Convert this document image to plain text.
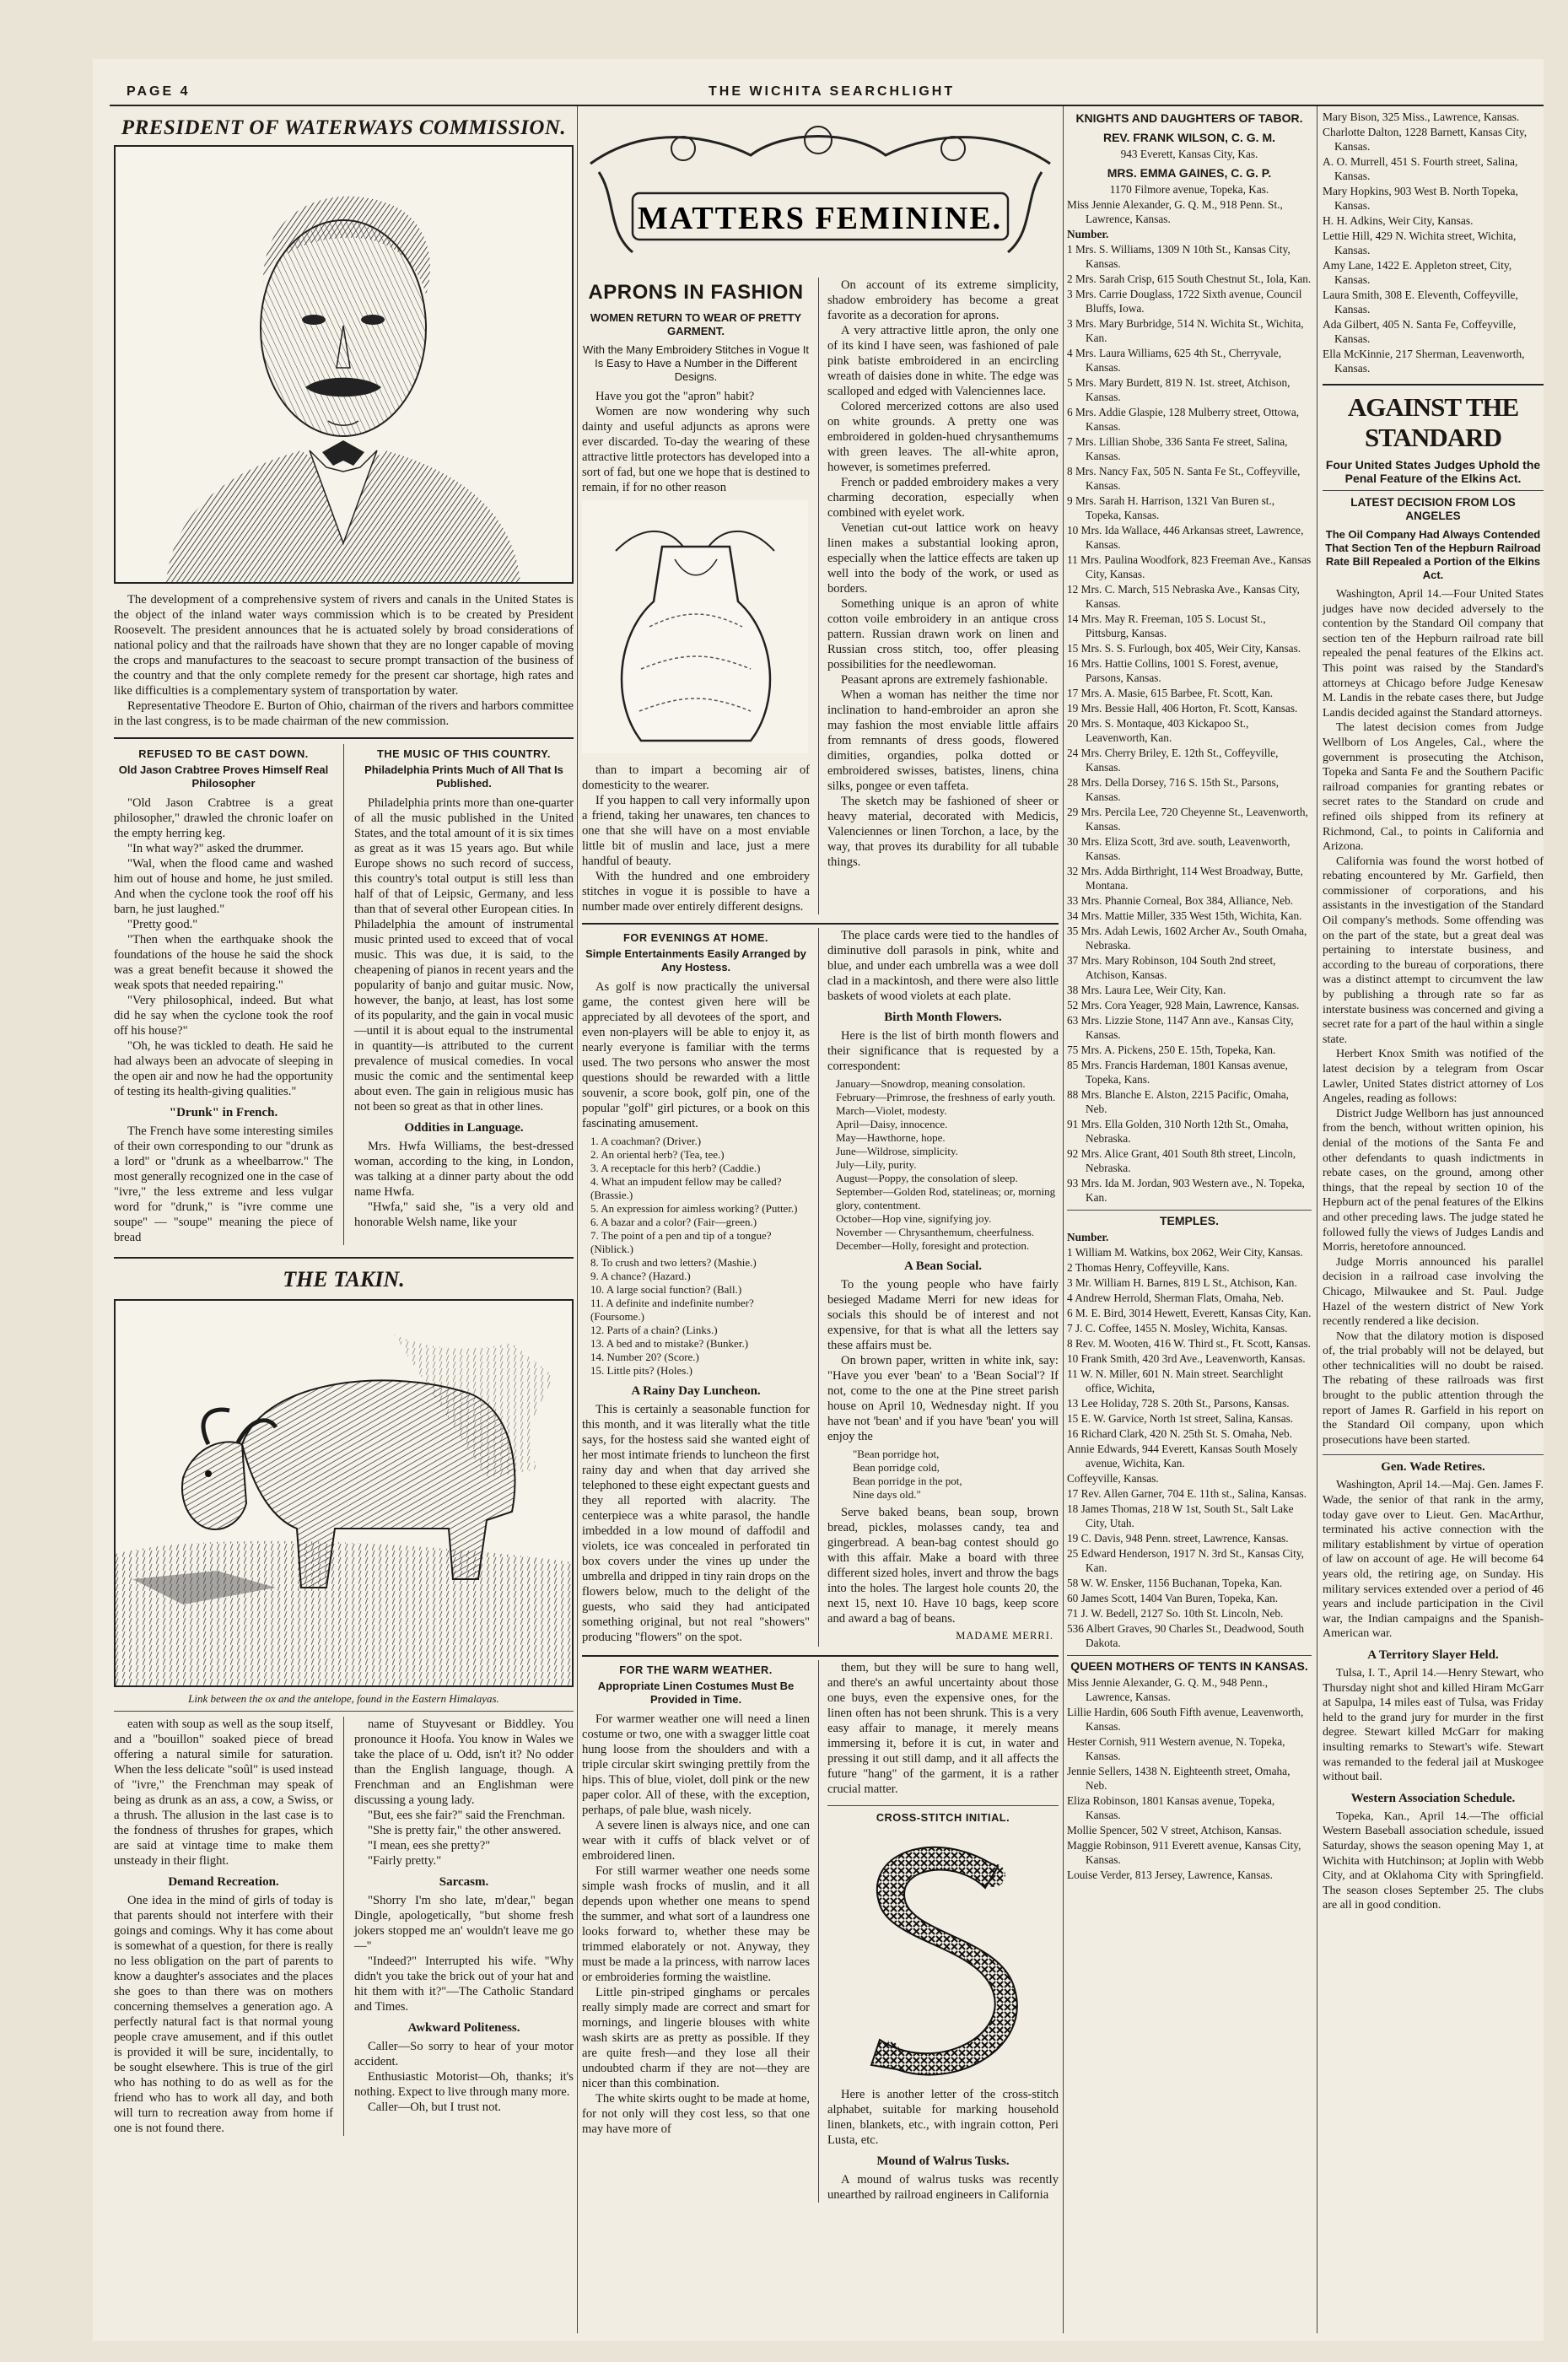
PAGE 4	THE WICHITA SEARCHLIGHT
PRESIDENT OF WATERWAYS COMMISSION.

The development of a comprehensive system of rivers and canals in the United States is the object of the inland water ways commission which is to be created by President Roosevelt. The president announces that he is actuated solely by broad considerations of national policy and that the railroads have shown that they are no longer capable of moving the crops and manufactures to the seacoast to secure prompt transaction of the business of the country and that the only complete remedy for the present car shortage, high rates and like difficulties is a complementary system of transportation by water.

Representative Theodore E. Burton of Ohio, chairman of the rivers and harbors committee in the last congress, is to be made chairman of the new commission.

REFUSED TO BE CAST DOWN.
Old Jason Crabtree Proves Himself Real Philosopher

"Old Jason Crabtree is a great philosopher," drawled the chronic loafer on the empty herring keg.

"In what way?" asked the drummer.

"Wal, when the flood came and washed him out of house and home, he just smiled. And when the cyclone took the roof off his barn, he just laughed."

"Pretty good."

"Then when the earthquake shook the foundations of the house he said the shock was a great benefit because it showed the weak spots that needed repairing."

"Very philosophical, indeed. But what did he say when the cyclone took the roof off his house?"

"Oh, he was tickled to death. He said he had always been an advocate of sleeping in the open air and now he had the opportunity of testing its health-giving qualities."

"Drunk" in French.

The French have some interesting similes of their own corresponding to our "drunk as a lord" or "drunk as a wheelbarrow." The most generally recognized one in the case of "ivre," the less extreme and less vulgar word for "drunk," is "ivre comme une soupe" — "soupe" meaning the piece of bread

THE MUSIC OF THIS COUNTRY.
Philadelphia Prints Much of All That Is Published.

Philadelphia prints more than one-quarter of all the music published in the United States, and the total amount of it is six times as great as it was 15 years ago. But while Europe shows no such record of success, this country's total output is still less than half of that of Leipsic, Germany, and less than that of several other European cities. In Philadelphia the amount of instrumental music printed used to exceed that of vocal music. This was due, it is said, to the cheapening of pianos in recent years and the popularity of banjo and guitar music. Now, however, the banjo, at least, has lost some of its popularity, and the gain in vocal music—until it is about equal to the instrumental in quantity—is attributed to the current prevalence of musical comedies. In vocal music the comic and the sentimental keep about even. The gain in religious music has not been so great as that in other lines.

Oddities in Language.

Mrs. Hwfa Williams, the best-dressed woman, according to the king, in London, was talking at a dinner party about the odd name Hwfa.

"Hwfa," said she, "is a very old and honorable Welsh name, like your

THE TAKIN.
Link between the ox and the antelope, found in the Eastern Himalayas.

eaten with soup as well as the soup itself, and a "bouillon" soaked piece of bread offering a natural simile for saturation. When the less delicate "soûl" is used instead of "ivre," the Frenchman may speak of being as drunk as an ass, a cow, a Swiss, or a thrush. The allusion in the last case is to the fondness of thrushes for grapes, which are said at vintage time to make them unsteady in their flight.

Demand Recreation.

One idea in the mind of girls of today is that parents should not interfere with their goings and comings. Why it has come about is somewhat of a question, for there is really no less obligation on the part of parents to know a daughter's associates and the places she goes to than there was on mothers concerning themselves a generation ago. A perfectly natural fact is that normal young people crave amusement, and if this outlet is provided it will be sure, incidentally, to be sought elsewhere. This is true of the girl who has nothing to do as well as for the friend who has to work all day, and both will turn to recreation away from home if one is not found there.

name of Stuyvesant or Biddley. You pronounce it Hoofa. You know in Wales we take the place of u. Odd, isn't it? No odder than the English language, though. A Frenchman and an Englishman were discussing a young lady.

"But, ees she fair?" said the Frenchman.

"She is pretty fair," the other answered.

"I mean, ees she pretty?"

"Fairly pretty."

Sarcasm.

"Shorry I'm sho late, m'dear," began Dingle, apologetically, "but shome fresh jokers stopped me an' wouldn't leave me go—"

"Indeed?" Interrupted his wife. "Why didn't you take the brick out of your hat and hit them with it?"—The Catholic Standard and Times.

Awkward Politeness.

Caller—So sorry to hear of your motor accident.

Enthusiastic Motorist—Oh, thanks; it's nothing. Expect to live through many more.

Caller—Oh, but I trust not.

MATTERS FEMININE.
APRONS IN FASHION
WOMEN RETURN TO WEAR OF PRETTY GARMENT.
With the Many Embroidery Stitches in Vogue It Is Easy to Have a Number in the Different Designs.

Have you got the "apron" habit?

Women are now wondering why such dainty and useful adjuncts as aprons were ever discarded. To-day the wearing of these attractive little protectors has developed into a sort of fad, but one we hope that is destined to remain, if for no other reason

than to impart a becoming air of domesticity to the wearer.

If you happen to call very informally upon a friend, taking her unawares, ten chances to one that she will have on a most enviable little bit of muslin and lace, just a mere handful of beauty.

With the hundred and one embroidery stitches in vogue it is possible to have a number made over entirely different designs.

On account of its extreme simplicity, shadow embroidery has become a great favorite as a decoration for aprons.

A very attractive little apron, the only one of its kind I have seen, was fashioned of pale pink batiste embroidered in an encircling wreath of daisies done in white. The edge was scalloped and edged with Valenciennes lace.

Colored mercerized cottons are also used on white grounds. A pretty one was embroidered in golden-hued chrysanthemums with green leaves. The all-white apron, however, is sometimes preferred.

French or padded embroidery makes a very charming decoration, especially when combined with eyelet work.

Venetian cut-out lattice work on heavy linen makes a substantial looking apron, especially when the lattice effects are taken up well into the body of the work, or used as borders.

Something unique is an apron of white cotton voile embroidery in an antique cross pattern. Russian drawn work on linen and Russian cross stitch, too, offer pleasing possibilities for the needlewoman.

Peasant aprons are extremely fashionable.

When a woman has neither the time nor inclination to hand-embroider an apron she may fashion the most enviable little affairs from remnants of dress goods, flowered dimities, organdies, polka dotted or embroidered swisses, batistes, linens, china silks, pongee or even taffeta.

The sketch may be fashioned of sheer or heavy material, decorated with Medicis, Valenciennes or linen Torchon, a lace, by the way, that proves its durability for all tubable things.

FOR EVENINGS AT HOME.
Simple Entertainments Easily Arranged by Any Hostess.

As golf is now practically the universal game, the contest given here will be appreciated by all devotees of the sport, and even non-players will be able to enjoy it, as nearly everyone is familiar with the terms used. The two persons who answer the most questions should be rewarded with a little souvenir, a score book, golf pin, one of the popular "golf" girl pictures, or a book on this fascinating amusement.

1. A coachman? (Driver.)
2. An oriental herb? (Tea, tee.)
3. A receptacle for this herb? (Caddie.)
4. What an impudent fellow may be called? (Brassie.)
5. An expression for aimless working? (Putter.)
6. A bazar and a color? (Fair—green.)
7. The point of a pen and tip of a tongue? (Niblick.)
8. To crush and two letters? (Mashie.)
9. A chance? (Hazard.)
10. A large social function? (Ball.)
11. A definite and indefinite number? (Foursome.)
12. Parts of a chain? (Links.)
13. A bed and to mistake? (Bunker.)
14. Number 20? (Score.)
15. Little pits? (Holes.)
A Rainy Day Luncheon.

This is certainly a seasonable function for this month, and it was literally what the title says, for the hostess said she wanted eight of her most intimate friends to luncheon the first rainy day and when that day arrived she telephoned to these eight expectant guests and they all reported with alacrity. The centerpiece was a white parasol, the handle imbedded in a low mound of daffodil and violets, ice was concealed in perforated tin box covers under the vines up under the umbrella and dripped in tiny rain drops on the flowers below, much to the delight of the guests, who said they had anticipated something original, but not real "showers" producing "flowers" on the spot.

The place cards were tied to the handles of diminutive doll parasols in pink, white and blue, and under each umbrella was a wee doll clad in a mackintosh, and there were also little baskets of wood violets at each plate.

Birth Month Flowers.

Here is the list of birth month flowers and their significance that is requested by a correspondent:

January—Snowdrop, meaning consolation.
February—Primrose, the freshness of early youth.
March—Violet, modesty.
April—Daisy, innocence.
May—Hawthorne, hope.
June—Wildrose, simplicity.
July—Lily, purity.
August—Poppy, the consolation of sleep.
September—Golden Rod, statelineas; or, morning glory, contentment.
October—Hop vine, signifying joy.
November — Chrysanthemum, cheerfulness.
December—Holly, foresight and protection.
A Bean Social.

To the young people who have fairly besieged Madame Merri for new ideas for socials this should be of interest and not expensive, for that is what all the letters say these affairs must be.

On brown paper, written in white ink, say: "Have you ever 'bean' to a 'Bean Social'? If not, come to the one at the Pine street parish house on April 10, Wednesday night. If you have not 'bean' and if you have 'bean' you will enjoy the

"Bean porridge hot,
Bean porridge cold,
Bean porridge in the pot,
Nine days old."

Serve baked beans, bean soup, brown bread, pickles, molasses candy, tea and gingerbread. A bean-bag contest should go with this affair. Make a board with three different sized holes, invert and throw the bags into the holes. The largest hole counts 20, the next 15, next 10. Have 10 bags, keep score and award a bag of beans.

MADAME MERRI.

FOR THE WARM WEATHER.
Appropriate Linen Costumes Must Be Provided in Time.

For warmer weather one will need a linen costume or two, one with a swagger little coat hung loose from the shoulders and with a triple circular skirt swinging prettily from the hips. This of blue, violet, doll pink or the new paper color. All of these, with the exception, perhaps, of pale blue, wash nicely.

A severe linen is always nice, and one can wear with it cuffs of black velvet or of embroidered linen.

For still warmer weather one needs some simple wash frocks of muslin, and it all depends upon whether one means to spend the summer, and what sort of a laundress one looks forward to, whether these may be trimmed elaborately or not. Anyway, they must be made a la princess, with narrow laces or embroideries forming the waistline.

Little pin-striped ginghams or percales really simply made are correct and smart for mornings, and lingerie blouses with white wash skirts are as pretty as possible. If they are quite fresh—and they lose all their undoubted charm if they are not—they are nicer than this combination.

The white skirts ought to be made at home, for not only will they cost less, so that one may have more of

them, but they will be sure to hang well, and there's an awful uncertainty about those one buys, even the expensive ones, for the linen often has not been shrunk. This is a very easy affair to manage, it merely means immersing it, before it is cut, in water and pressing it out still damp, and it all affects the future "hang" of the garment, it is a rather crucial matter.

CROSS-STITCH INITIAL.

Here is another letter of the cross-stitch alphabet, suitable for marking household linen, blankets, etc., with ingrain cotton, Peri Lusta, etc.

Mound of Walrus Tusks.

A mound of walrus tusks was recently unearthed by railroad engineers in California

KNIGHTS AND DAUGHTERS OF TABOR.
REV. FRANK WILSON, C. G. M.
943 Everett, Kansas City, Kas.
MRS. EMMA GAINES, C. G. P.
1170 Filmore avenue, Topeka, Kas.
Miss Jennie Alexander, G. Q. M., 918 Penn. St., Lawrence, Kansas.
Number.
1 Mrs. S. Williams, 1309 N 10th St., Kansas City, Kansas.
2 Mrs. Sarah Crisp, 615 South Chestnut St., Iola, Kan.
3 Mrs. Carrie Douglass, 1722 Sixth avenue, Council Bluffs, Iowa.
3 Mrs. Mary Burbridge, 514 N. Wichita St., Wichita, Kan.
4 Mrs. Laura Williams, 625 4th St., Cherryvale, Kansas.
5 Mrs. Mary Burdett, 819 N. 1st. street, Atchison, Kansas.
6 Mrs. Addie Glaspie, 128 Mulberry street, Ottowa, Kansas.
7 Mrs. Lillian Shobe, 336 Santa Fe street, Salina, Kansas.
8 Mrs. Nancy Fax, 505 N. Santa Fe St., Coffeyville, Kansas.
9 Mrs. Sarah H. Harrison, 1321 Van Buren st., Topeka, Kansas.
10 Mrs. Ida Wallace, 446 Arkansas street, Lawrence, Kansas.
11 Mrs. Paulina Woodfork, 823 Freeman Ave., Kansas City, Kansas.
12 Mrs. C. March, 515 Nebraska Ave., Kansas City, Kansas.
14 Mrs. May R. Freeman, 105 S. Locust St., Pittsburg, Kansas.
15 Mrs. S. S. Furlough, box 405, Weir City, Kansas.
16 Mrs. Hattie Collins, 1001 S. Forest, avenue, Parsons, Kansas.
17 Mrs. A. Masie, 615 Barbee, Ft. Scott, Kan.
19 Mrs. Bessie Hall, 406 Horton, Ft. Scott, Kansas.
20 Mrs. S. Montaque, 403 Kickapoo St., Leavenworth, Kan.
24 Mrs. Cherry Briley, E. 12th St., Coffeyville, Kansas.
28 Mrs. Della Dorsey, 716 S. 15th St., Parsons, Kansas.
29 Mrs. Percila Lee, 720 Cheyenne St., Leavenworth, Kansas.
30 Mrs. Eliza Scott, 3rd ave. south, Leavenworth, Kansas.
32 Mrs. Adda Birthright, 114 West Broadway, Butte, Montana.
33 Mrs. Phannie Corneal, Box 384, Alliance, Neb.
34 Mrs. Mattie Miller, 335 West 15th, Wichita, Kan.
35 Mrs. Adah Lewis, 1602 Archer Av., South Omaha, Nebraska.
37 Mrs. Mary Robinson, 104 South 2nd street, Atchison, Kansas.
38 Mrs. Laura Lee, Weir City, Kan.
52 Mrs. Cora Yeager, 928 Main, Lawrence, Kansas.
63 Mrs. Lizzie Stone, 1147 Ann ave., Kansas City, Kansas.
75 Mrs. A. Pickens, 250 E. 15th, Topeka, Kan.
85 Mrs. Francis Hardeman, 1801 Kansas avenue, Topeka, Kans.
88 Mrs. Blanche E. Alston, 2215 Pacific, Omaha, Neb.
91 Mrs. Ella Golden, 310 North 12th St., Omaha, Nebraska.
92 Mrs. Alice Grant, 401 South 8th street, Lincoln, Nebraska.
93 Mrs. Ida M. Jordan, 903 Western ave., N. Topeka, Kan.
TEMPLES.
Number.
1 William M. Watkins, box 2062, Weir City, Kansas.
2 Thomas Henry, Coffeyville, Kans.
3 Mr. William H. Barnes, 819 L St., Atchison, Kan.
4 Andrew Herrold, Sherman Flats, Omaha, Neb.
6 M. E. Bird, 3014 Hewett, Everett, Kansas City, Kan.
7 J. C. Coffee, 1455 N. Mosley, Wichita, Kansas.
8 Rev. M. Wooten, 416 W. Third st., Ft. Scott, Kansas.
10 Frank Smith, 420 3rd Ave., Leavenworth, Kansas.
11 W. N. Miller, 601 N. Main street. Searchlight office, Wichita,
13 Lee Holiday, 728 S. 20th St., Parsons, Kansas.
15 E. W. Garvice, North 1st street, Salina, Kansas.
16 Richard Clark, 420 N. 25th St. S. Omaha, Neb.
Annie Edwards, 944 Everett, Kansas South Mosely avenue, Wichita, Kan.
Coffeyville, Kansas.
17 Rev. Allen Garner, 704 E. 11th st., Salina, Kansas.
18 James Thomas, 218 W 1st, South St., Salt Lake City, Utah.
19 C. Davis, 948 Penn. street, Lawrence, Kansas.
25 Edward Henderson, 1917 N. 3rd St., Kansas City, Kan.
58 W. W. Ensker, 1156 Buchanan, Topeka, Kan.
60 James Scott, 1404 Van Buren, Topeka, Kan.
71 J. W. Bedell, 2127 So. 10th St. Lincoln, Neb.
536 Albert Graves, 90 Charles St., Deadwood, South Dakota.
QUEEN MOTHERS OF TENTS IN KANSAS.
Miss Jennie Alexander, G. Q. M., 948 Penn., Lawrence, Kansas.
Lillie Hardin, 606 South Fifth avenue, Leavenworth, Kansas.
Hester Cornish, 911 Western avenue, N. Topeka, Kansas.
Jennie Sellers, 1438 N. Eighteenth street, Omaha, Neb.
Eliza Robinson, 1801 Kansas avenue, Topeka, Kansas.
Mollie Spencer, 502 V street, Atchison, Kansas.
Maggie Robinson, 911 Everett avenue, Kansas City, Kansas.
Louise Verder, 813 Jersey, Lawrence, Kansas.
Mary Bison, 325 Miss., Lawrence, Kansas.
Charlotte Dalton, 1228 Barnett, Kansas City, Kansas.
A. O. Murrell, 451 S. Fourth street, Salina, Kansas.
Mary Hopkins, 903 West B. North Topeka, Kansas.
H. H. Adkins, Weir City, Kansas.
Lettie Hill, 429 N. Wichita street, Wichita, Kansas.
Amy Lane, 1422 E. Appleton street, City, Kansas.
Laura Smith, 308 E. Eleventh, Coffeyville, Kansas.
Ada Gilbert, 405 N. Santa Fe, Coffeyville, Kansas.
Ella McKinnie, 217 Sherman, Leavenworth, Kansas.
AGAINST THE STANDARD
Four United States Judges Uphold the Penal Feature of the Elkins Act.
LATEST DECISION FROM LOS ANGELES
The Oil Company Had Always Contended That Section Ten of the Hepburn Railroad Rate Bill Repealed a Portion of the Elkins Act.

Washington, April 14.—Four United States judges have now decided adversely to the contention by the Standard Oil company that section ten of the Hepburn railroad rate bill repealed the penal features of the Elkins act. This point was raised by the Standard's attorneys at Chicago before Judge Kenesaw M. Landis in the rebate cases there, but Judge Landis decided against the Standard attorneys.

The latest decision comes from Judge Wellborn of Los Angeles, Cal., where the government is prosecuting the Atchison, Topeka and Santa Fe and the Southern Pacific railroad companies for granting rebates or secret rates to the Standard on crude and refined oils shipped from its refinery at Richmond, Cal., to points in California and Arizona.

California was found the worst hotbed of rebating encountered by Mr. Garfield, then commissioner of corporations, and his assistants in the investigation of the Standard Oil company's methods. Some offending was on the part of the state, but a great deal was pertaining to interstate business, and according to the bureau of corporations, there was a distinct attempt to circumvent the law by publishing a through rate so far as interstate business was concerned and giving a secret rate for a part of the haul within a single state.

Herbert Knox Smith was notified of the latest decision by a telegram from Oscar Lawler, United States district attorney of Los Angeles, reading as follows:

District Judge Wellborn has just announced from the bench, without written opinion, his denial of the motions of the Santa Fe and other defendants to quash indictments in rebate cases, on the ground, among other things, that the repeal by section 10 of the Hepburn act of the penal features of the Elkins and other preceding laws. The judge stated he followed fully the views of Judges Landis and Morris, heretofore announced.

Judge Morris announced his parallel decision in a railroad case involving the Chicago, Milwaukee and St. Paul. Judge Hazel of the western district of New York recently rendered a like decision.

Now that the dilatory motion is disposed of, the trial probably will not be delayed, but other technicalities will no doubt be raised. The rebating of these railroads was first brought to the public attention through the report of James R. Garfield in his report on the Standard Oil company, upon which prosecutions have been started.

Gen. Wade Retires.

Washington, April 14.—Maj. Gen. James F. Wade, the senior of that rank in the army, today gave over to Lieut. Gen. MacArthur, terminated his active connection with the military establishment by virtue of operation of law on account of age. He will become 64 years old, the retiring age, on Sunday. His military services extended over a period of 46 years and include participation in the Civil war, the Indian campaigns and the Spanish-American war.

A Territory Slayer Held.

Tulsa, I. T., April 14.—Henry Stewart, who Thursday night shot and killed Hiram McGarr at Sapulpa, 14 miles east of Tulsa, was Friday held to the grand jury for murder in the first degree. Stewart killed McGarr for making insulting remarks to Stewart's wife. Stewart was remanded to the federal jail at Muskogee without bail.

Western Association Schedule.

Topeka, Kan., April 14.—The official Western Baseball association schedule, issued Saturday, shows the season opening May 1, at Wichita with Hutchinson; at Joplin with Webb City, and at Oklahoma City with Springfield. The season closes September 25. The clubs are all in good condition.
